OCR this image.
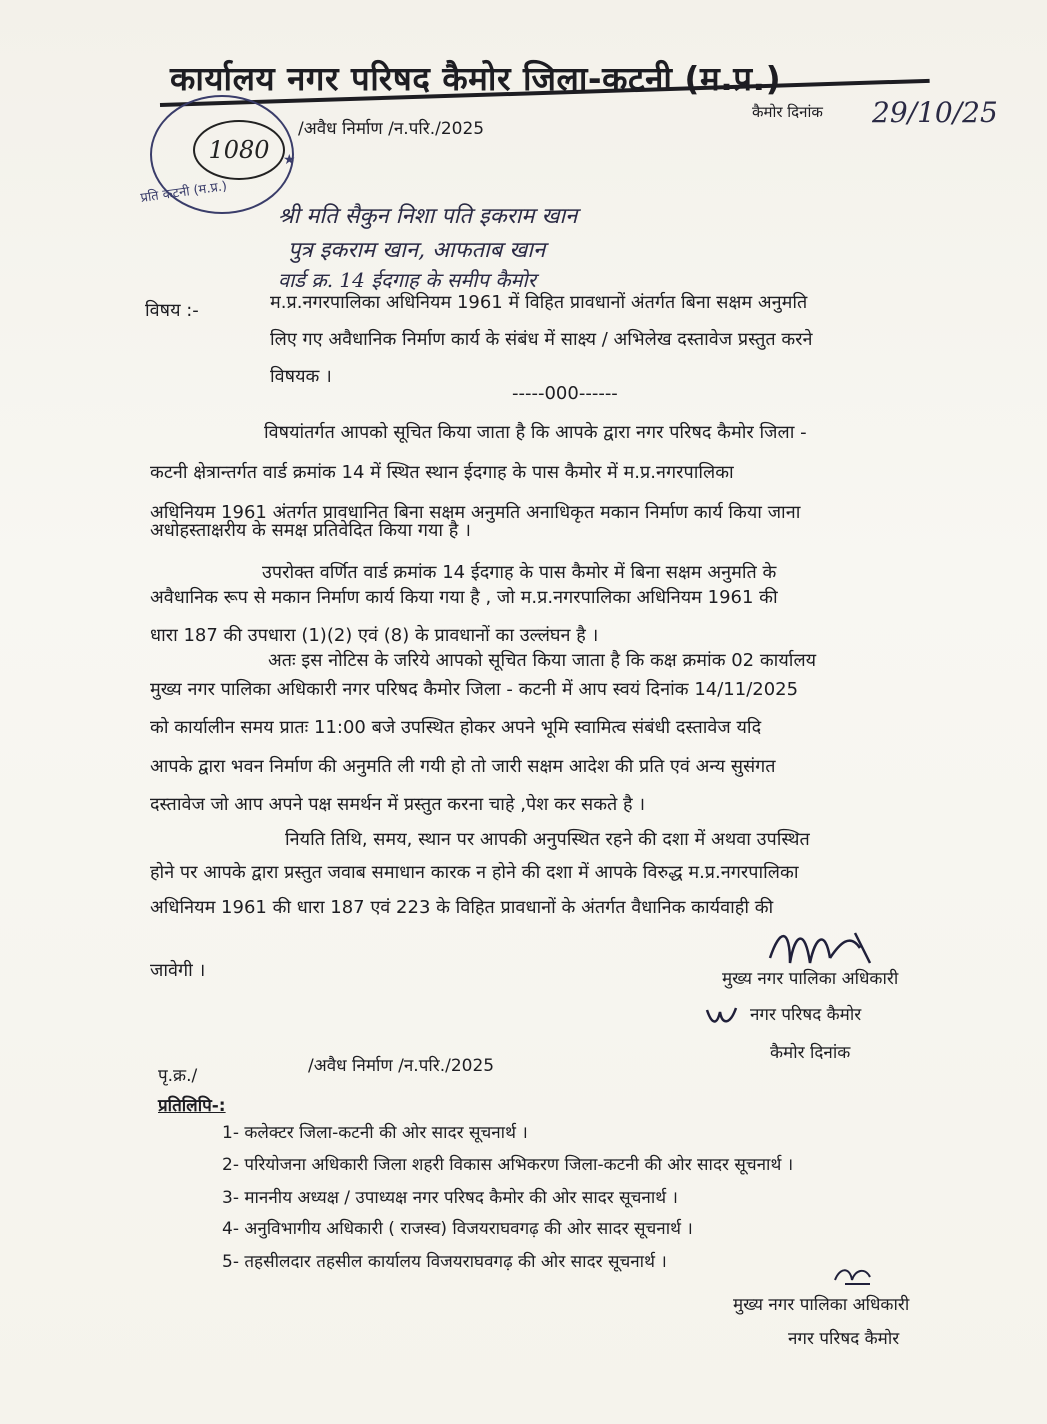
कार्यालय नगर परिषद कैमोर जिला-कटनी (म.प्र.)
1080
प्रति कटनी (म.प्र.)
★
/अवैध निर्माण /न.परि./2025
कैमोर दिनांक 29/10/25
श्री मति सैकुन निशा पति इकराम खान
पुत्र इकराम खान, आफताब खान
वार्ड क्र. 14 ईदगाह के समीप कैमोर
विषय :-	म.प्र.नगरपालिका अधिनियम 1961 में विहित प्रावधानों अंतर्गत बिना सक्षम अनुमति
लिए गए अवैधानिक निर्माण कार्य के संबंध में साक्ष्य / अभिलेख दस्तावेज प्रस्तुत करने
विषयक ।
-----000------
विषयांतर्गत आपको सूचित किया जाता है कि आपके द्वारा नगर परिषद कैमोर जिला -
कटनी क्षेत्रान्तर्गत वार्ड क्रमांक 14 में स्थित स्थान ईदगाह के पास कैमोर में म.प्र.नगरपालिका
अधिनियम 1961 अंतर्गत प्रावधानित बिना सक्षम अनुमति अनाधिकृत मकान निर्माण कार्य किया जाना
अधोहस्ताक्षरीय के समक्ष प्रतिवेदित किया गया है ।
उपरोक्त वर्णित वार्ड क्रमांक 14 ईदगाह के पास कैमोर में बिना सक्षम अनुमति के
अवैधानिक रूप से मकान निर्माण कार्य किया गया है , जो म.प्र.नगरपालिका अधिनियम 1961 की
धारा 187 की उपधारा (1)(2) एवं (8) के प्रावधानों का उल्लंघन है ।
अतः इस नोटिस के जरिये आपको सूचित किया जाता है कि कक्ष क्रमांक 02 कार्यालय
मुख्य नगर पालिका अधिकारी नगर परिषद कैमोर जिला - कटनी में आप स्वयं दिनांक 14/11/2025
को कार्यालीन समय प्रातः 11:00 बजे उपस्थित होकर अपने भूमि स्वामित्व संबंधी दस्तावेज यदि
आपके द्वारा भवन निर्माण की अनुमति ली गयी हो तो जारी सक्षम आदेश की प्रति एवं अन्य सुसंगत
दस्तावेज जो आप अपने पक्ष समर्थन में प्रस्तुत करना चाहे ,पेश कर सकते है ।
नियति तिथि, समय, स्थान पर आपकी अनुपस्थित रहने की दशा में अथवा उपस्थित
होने पर आपके द्वारा प्रस्तुत जवाब समाधान कारक न होने की दशा में आपके विरुद्ध म.प्र.नगरपालिका
अधिनियम 1961 की धारा 187 एवं 223 के विहित प्रावधानों के अंतर्गत वैधानिक कार्यवाही की
जावेगी ।	मुख्य नगर पालिका अधिकारी
नगर परिषद कैमोर
कैमोर दिनांक
पृ.क्र./	/अवैध निर्माण /न.परि./2025
प्रतिलिपि-:
1- कलेक्टर जिला-कटनी की ओर सादर सूचनार्थ ।
2- परियोजना अधिकारी जिला शहरी विकास अभिकरण जिला-कटनी की ओर सादर सूचनार्थ ।
3- माननीय अध्यक्ष / उपाध्यक्ष नगर परिषद कैमोर की ओर सादर सूचनार्थ ।
4- अनुविभागीय अधिकारी ( राजस्व) विजयराघवगढ़ की ओर सादर सूचनार्थ ।
5- तहसीलदार तहसील कार्यालय विजयराघवगढ़ की ओर सादर सूचनार्थ ।
मुख्य नगर पालिका अधिकारी
नगर परिषद कैमोर
